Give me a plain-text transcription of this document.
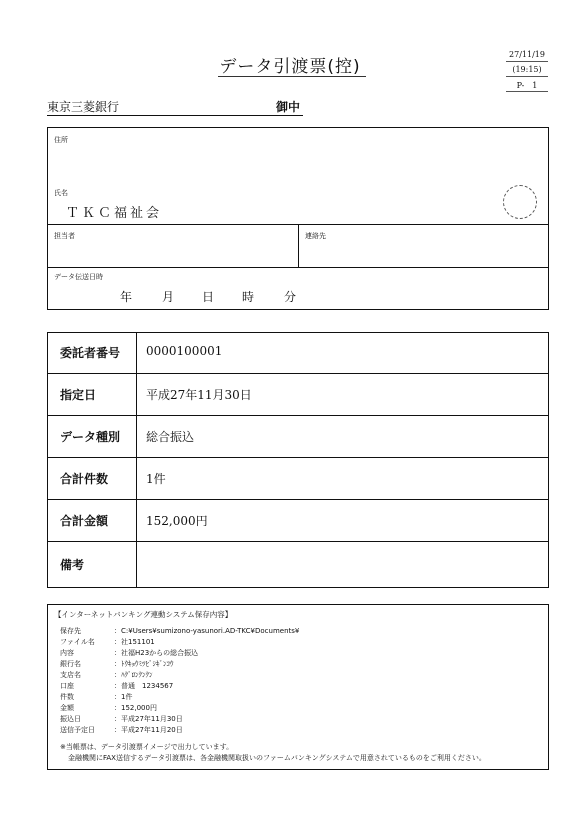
データ引渡票(控)
27/11/19
(19:15)
P-　1
東京三菱銀行	御中
住所
氏名
ＴＫＣ福祉会
担当者	連絡先
データ伝送日時
年 月 日 時 分
委託者番号 0000100001
指定日	平成27年11月30日
データ種別 総合振込
合計件数	1件
合計金額	152,000円
備考
【インターネットバンキング連動システム保存内容】
保存先	：C:¥Users¥sumizono-yasunori.AD-TKC¥Documents¥
ファイル名	：社151101
内容	：社福H23からの総合振込
銀行名	：ﾄｳｷｮｳﾐﾂﾋﾞｼｷﾞﾝｺｳ
支店名	：ﾊｸﾞﾛﾝｸﾝｸﾝ
口座	：普通　1234567
件数	：1件
金額	：152,000円
振込日	：平成27年11月30日
送信予定日	：平成27年11月20日
※当帳票は、データ引渡票イメージで出力しています。
金融機関にFAX送信するデータ引渡票は、各金融機関取扱いのファームバンキングシステムで用意されているものをご利用ください。
